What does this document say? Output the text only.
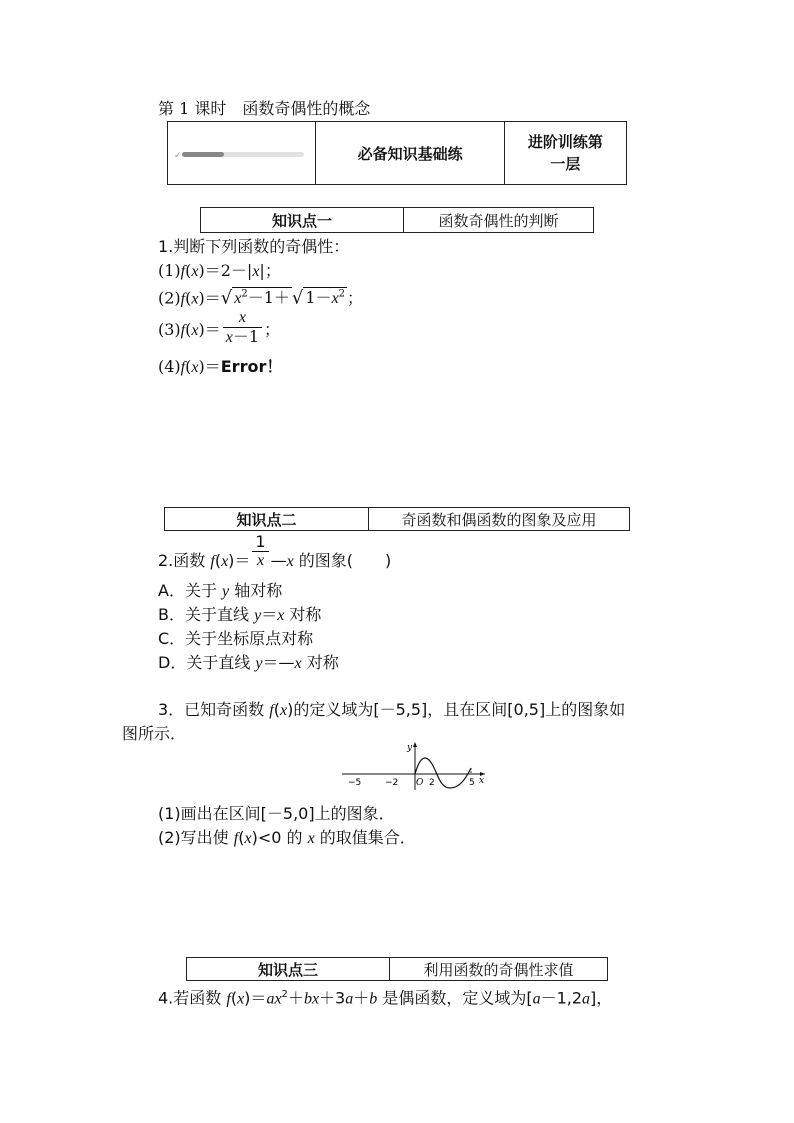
第 1 课时　函数奇偶性的概念
✓	必备知识基础练	进阶训练第
一层
知识点一	函数奇偶性的判断
1.判断下列函数的奇偶性：
(1)f(x)＝2－|x|；
(2)f(x)＝√ $x^2-1+$ √ $1-x^2$ ；
$(3)f(x)= \frac{x}{x-1}$ ；
(4)f(x)＝Error！
知识点二	奇函数和偶函数的图象及应用
2.函数 $f(x)= \frac{1}{x}$ —x 的图象(　　)
A．关于 y 轴对称
B．关于直线 y＝x 对称
C．关于坐标原点对称
D．关于直线 y＝—x 对称
3．已知奇函数 f(x)的定义域为[－5,5]，且在区间[0,5]上的图象如
图所示．
−5	−2 O 2	5 x
y
(1)画出在区间[－5,0]上的图象．
(2)写出使 f(x)<0 的 x 的取值集合．
知识点三	利用函数的奇偶性求值
4.若函数 $f(x)=ax^2+bx+3a+b$ 是偶函数，定义域为[a－1,2a]，
